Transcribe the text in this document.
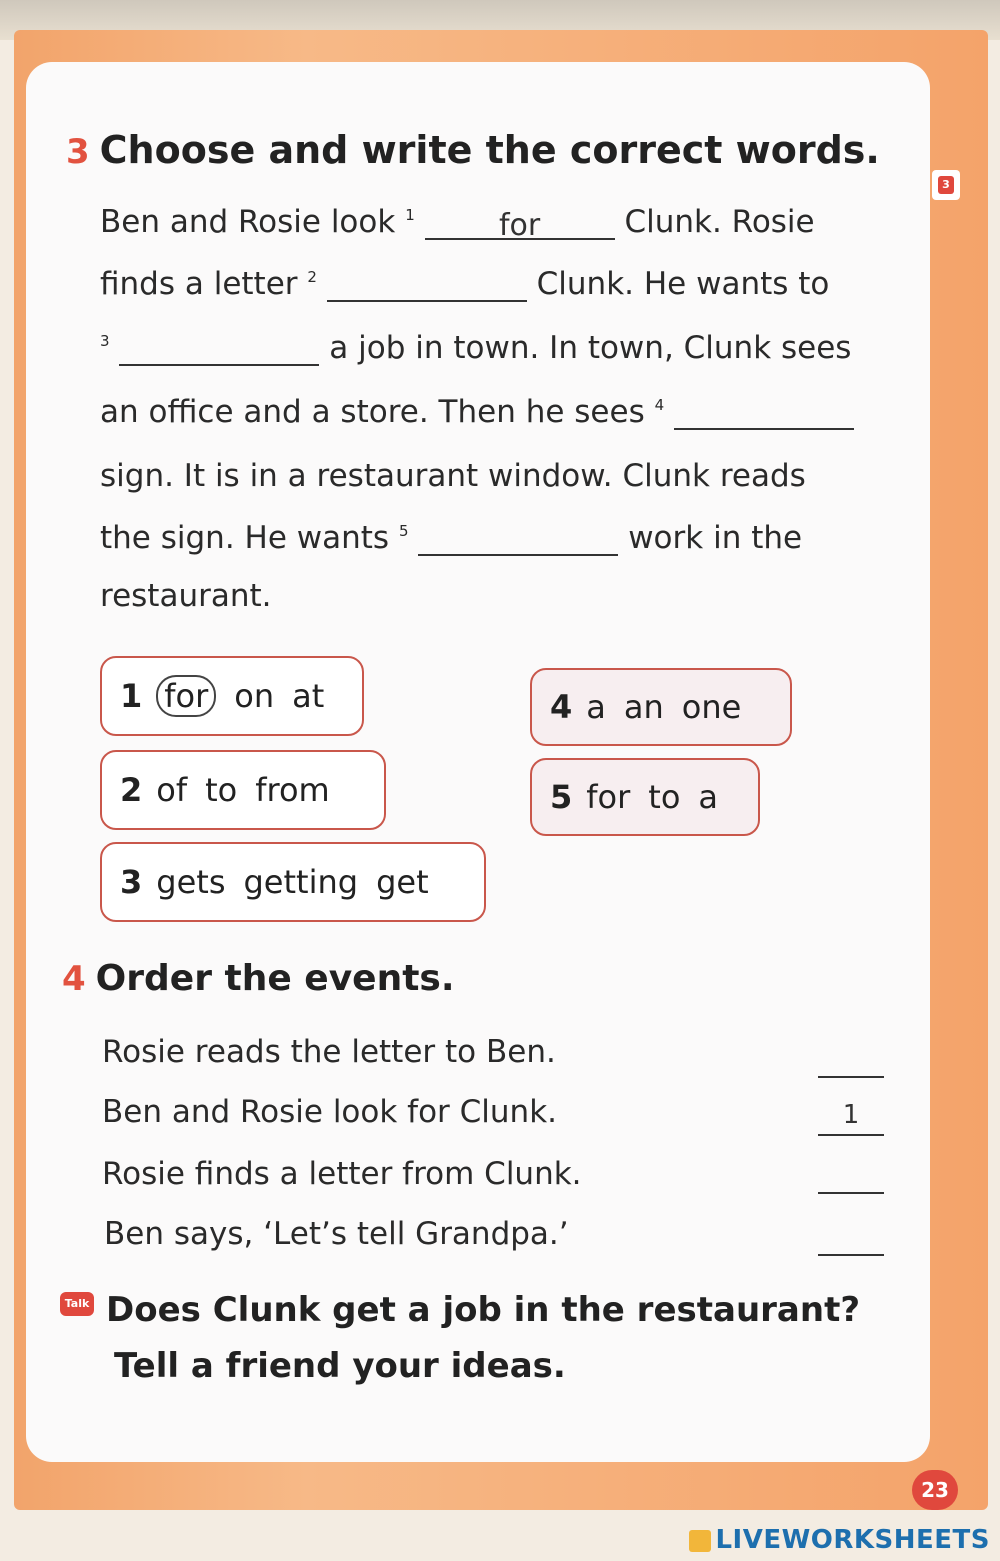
3
3 Choose and write the correct words.
Ben and Rosie look $^1$	for	Clunk. Rosie
finds a letter $^2$	Clunk. He wants to
$^3$	a job in town. In town, Clunk sees
an office and a store. Then he sees $^4$
sign. It is in a restaurant window. Clunk reads
the sign. He wants $^5$	work in the
restaurant.
1 for on at	4 a an one
2 of to from	5 for to a
3 gets getting get
4 Order the events.
Rosie reads the letter to Ben.
Ben and Rosie look for Clunk.	1
Rosie finds a letter from Clunk.
Ben says, ‘Let’s tell Grandpa.’
Talk Does Clunk get a job in the restaurant?
Tell a friend your ideas.
23
LIVEWORKSHEETS
